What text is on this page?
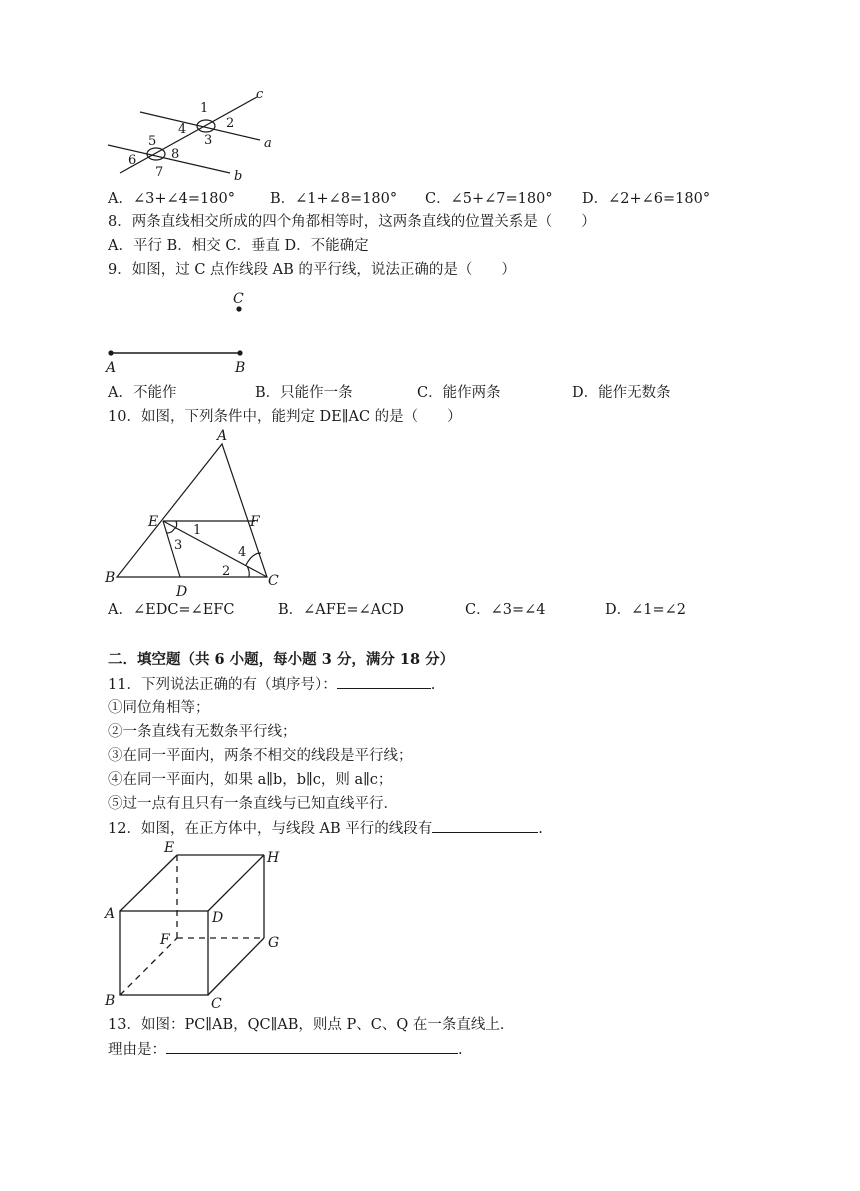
1
2
3
4
5
6
7
8
a
b
c
A．∠3+∠4=180° B．∠1+∠8=180° C．∠5+∠7=180° D．∠2+∠6=180°
8．两条直线相交所成的四个角都相等时，这两条直线的位置关系是（　　）
A．平行 B．相交 C．垂直 D．不能确定
9．如图，过 C 点作线段 AB 的平行线，说法正确的是（　　）
C
A	B
A．不能作	B．只能作一条	C．能作两条	D．能作无数条
10．如图，下列条件中，能判定 DE∥AC 的是（　　）
A
B	C
D
E	F
1
2
3	4
A．∠EDC=∠EFC	B．∠AFE=∠ACD	C．∠3=∠4	D．∠1=∠2
二．填空题（共 6 小题，每小题 3 分，满分 18 分）
11．下列说法正确的有（填序号）：	.
①同位角相等；
②一条直线有无数条平行线；
③在同一平面内，两条不相交的线段是平行线；
④在同一平面内，如果 a∥b，b∥c，则 a∥c；
⑤过一点有且只有一条直线与已知直线平行．
12．如图，在正方体中，与线段 AB 平行的线段有	.
A
B	C
D
E
F	G
H
13．如图：PC∥AB，QC∥AB，则点 P、C、Q 在一条直线上．
理由是：	.
